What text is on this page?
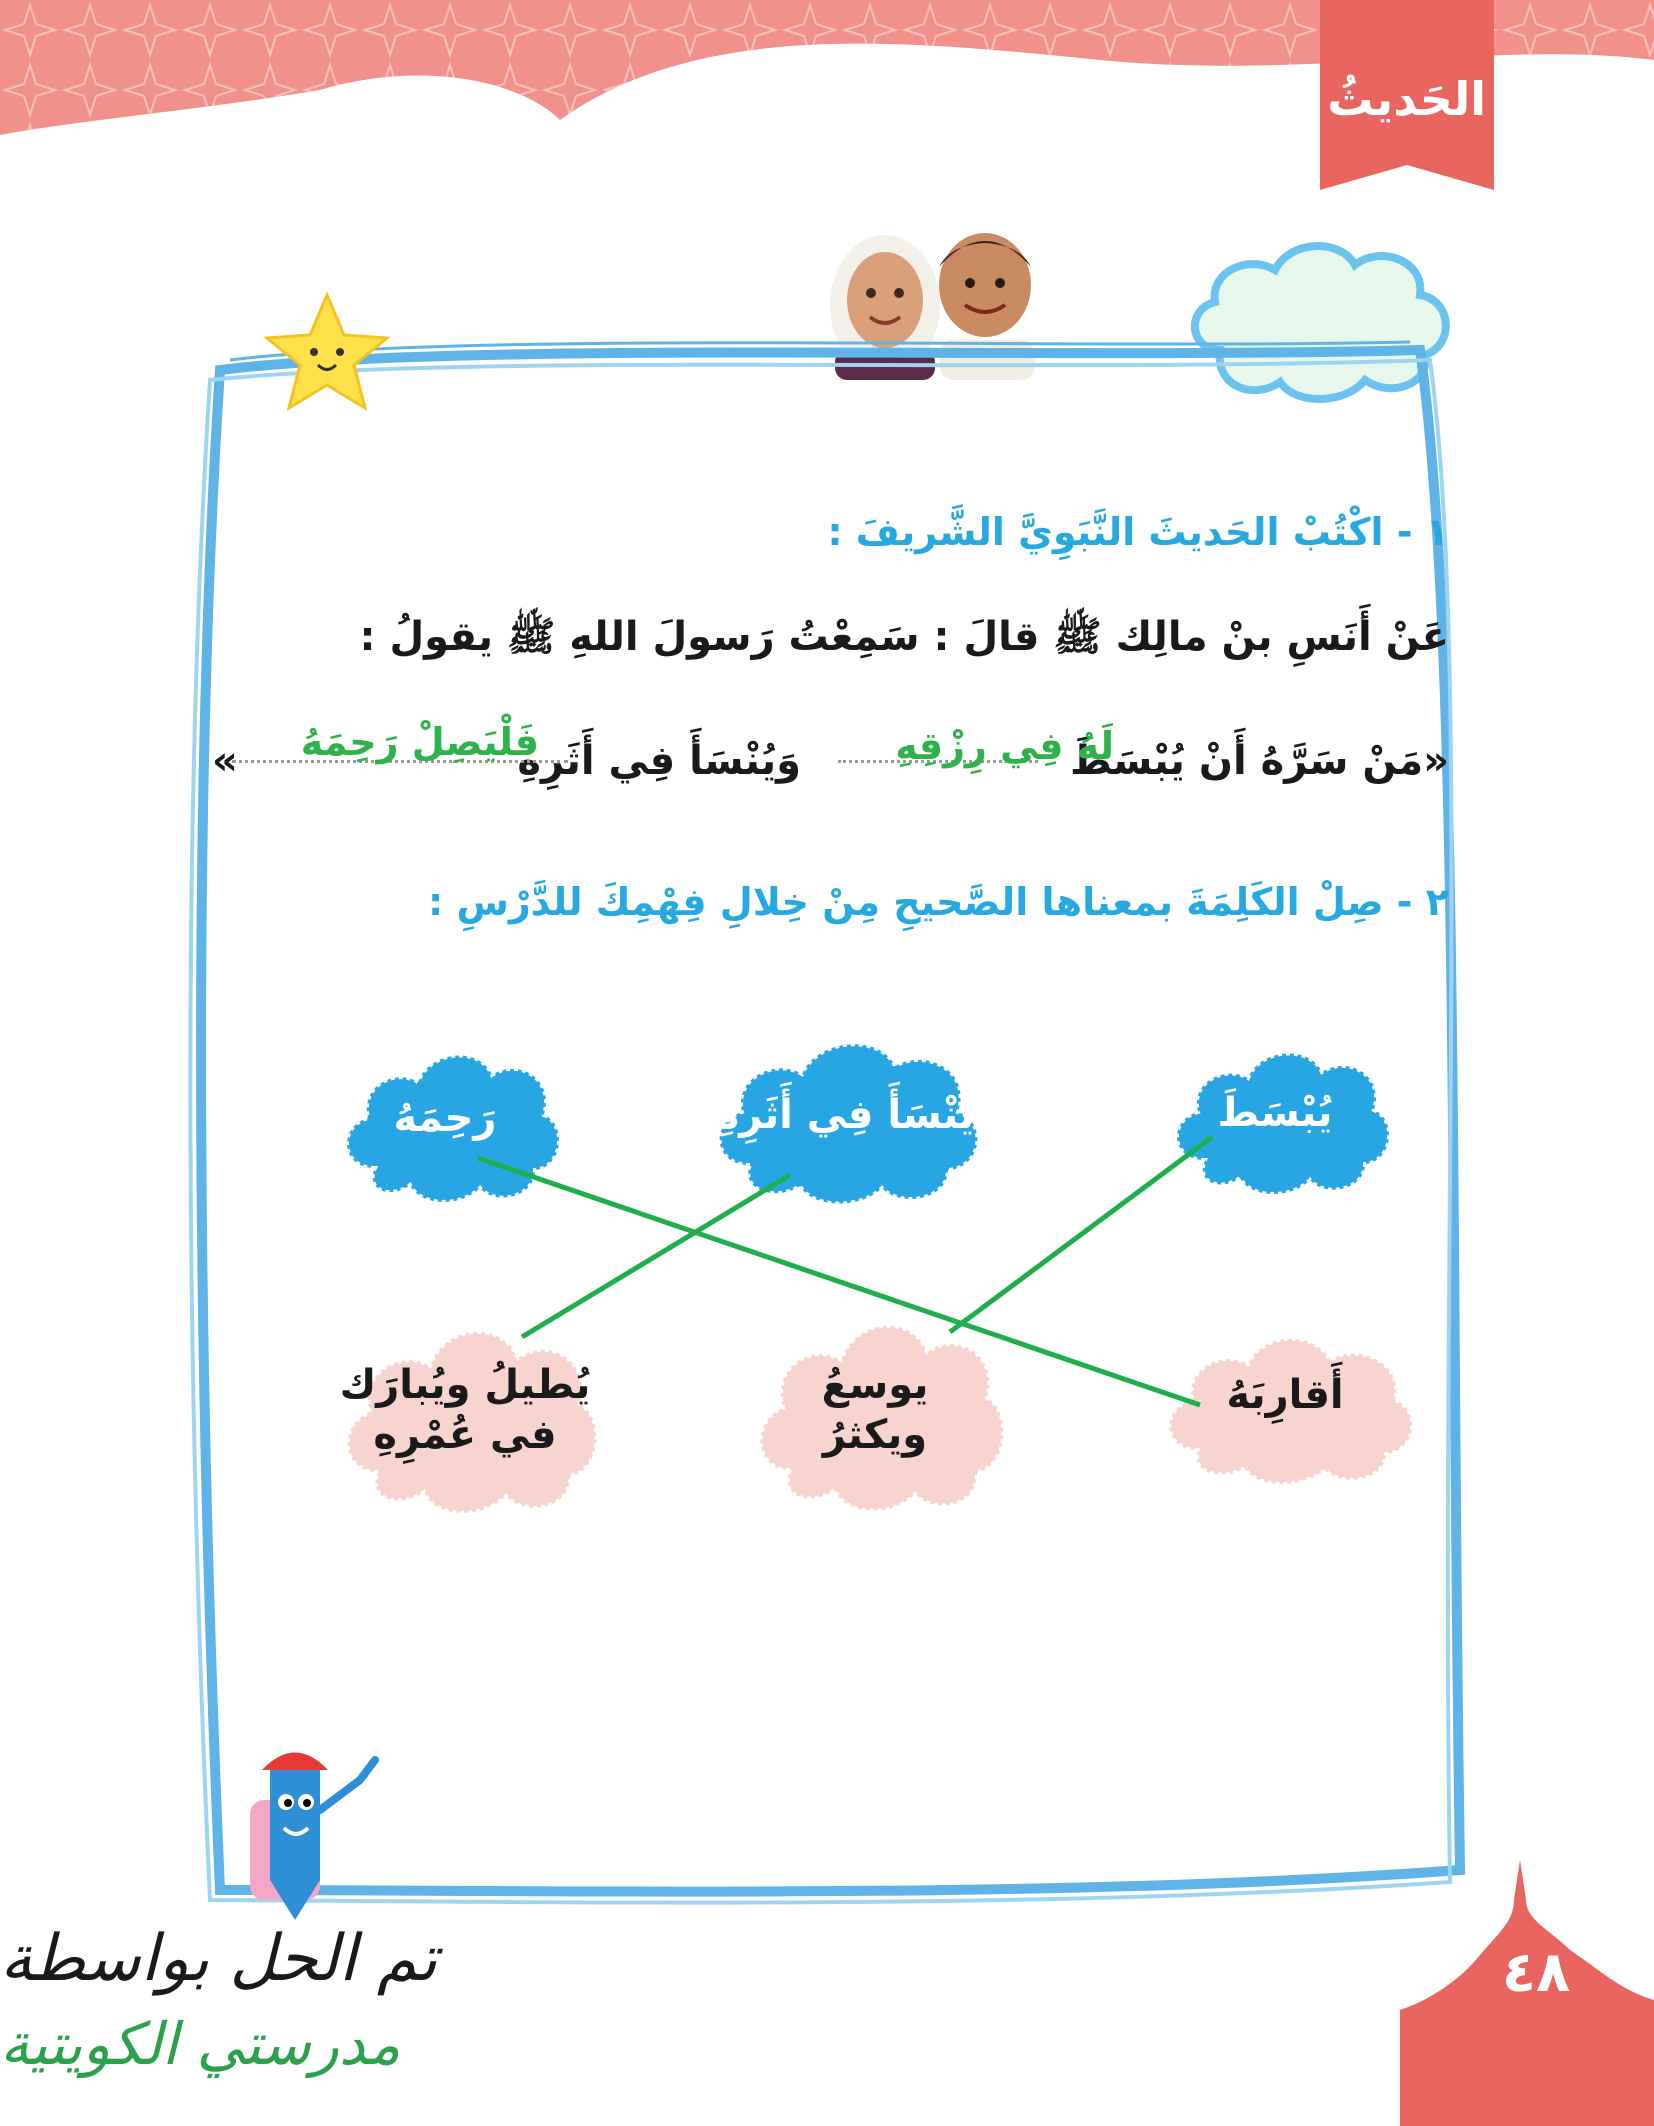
الحَديثُ
١ - اكْتُبْ الحَديثَ النَّبَوِيَّ الشَّريفَ :
عَنْ أَنَسِ بنْ مالِك ﷺ قالَ : سَمِعْتُ رَسولَ اللهِ ﷺ يقولُ :
«مَنْ سَرَّهُ أَنْ يُبْسَطَ
لَهُ فِي رِزْقِهِ
وَيُنْسَأَ فِي أَثَرِهِ
فَلْيَصِلْ رَحِمَهُ
»
٢ - صِلْ الكَلِمَةَ بمعناها الصَّحيحِ مِنْ خِلالِ فِهْمِكَ للدَّرْسِ :
يُبْسَطَ
يُنْسَأَ فِي أَثَرِهِ
رَحِمَهُ
أَقارِبَهُ
يوسعُ
ويكثرُ
يُطيلُ ويُبارَك
في عُمْرِهِ
تم الحل بواسطة
مدرستي الكويتية
٤٨
